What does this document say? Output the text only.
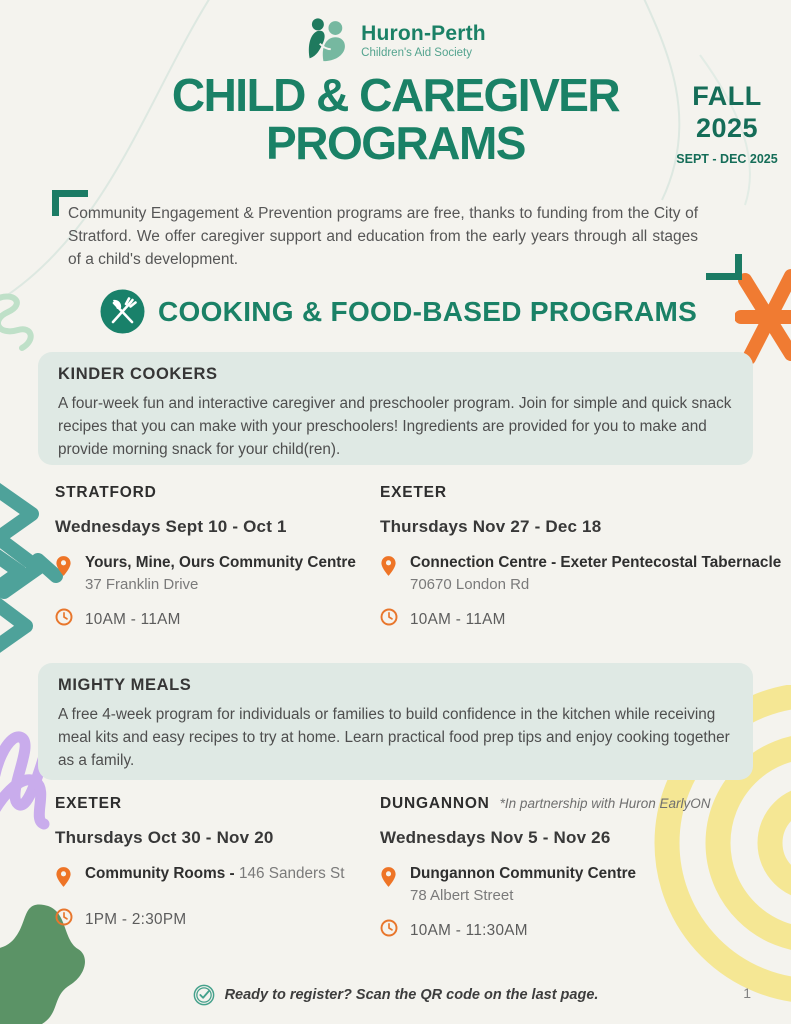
Huron-Perth
Children's Aid Society
CHILD & CAREGIVER
PROGRAMS
FALL
2025
SEPT - DEC 2025
Community Engagement & Prevention programs are free, thanks to funding from the City of Stratford. We offer caregiver support and education from the early years through all stages of a child's development.
COOKING & FOOD-BASED PROGRAMS
KINDER COOKERS
A four-week fun and interactive caregiver and preschooler program. Join for simple and quick snack recipes that you can make with your preschoolers! Ingredients are provided for you to make and provide morning snack for your child(ren).
STRATFORD
Wednesdays Sept 10 - Oct 1
Yours, Mine, Ours Community Centre
37 Franklin Drive
10AM - 11AM
EXETER
Thursdays Nov 27 - Dec 18
Connection Centre - Exeter Pentecostal Tabernacle
70670 London Rd
10AM - 11AM
MIGHTY MEALS
A free 4-week program for individuals or families to build confidence in the kitchen while receiving meal kits and easy recipes to try at home. Learn practical food prep tips and enjoy cooking together as a family.
EXETER
Thursdays Oct 30 - Nov 20
Community Rooms - 146 Sanders St
1PM - 2:30PM
DUNGANNON *In partnership with Huron EarlyON
Wednesdays Nov 5 - Nov 26
Dungannon Community Centre
78 Albert Street
10AM - 11:30AM
Ready to register? Scan the QR code on the last page.	1
